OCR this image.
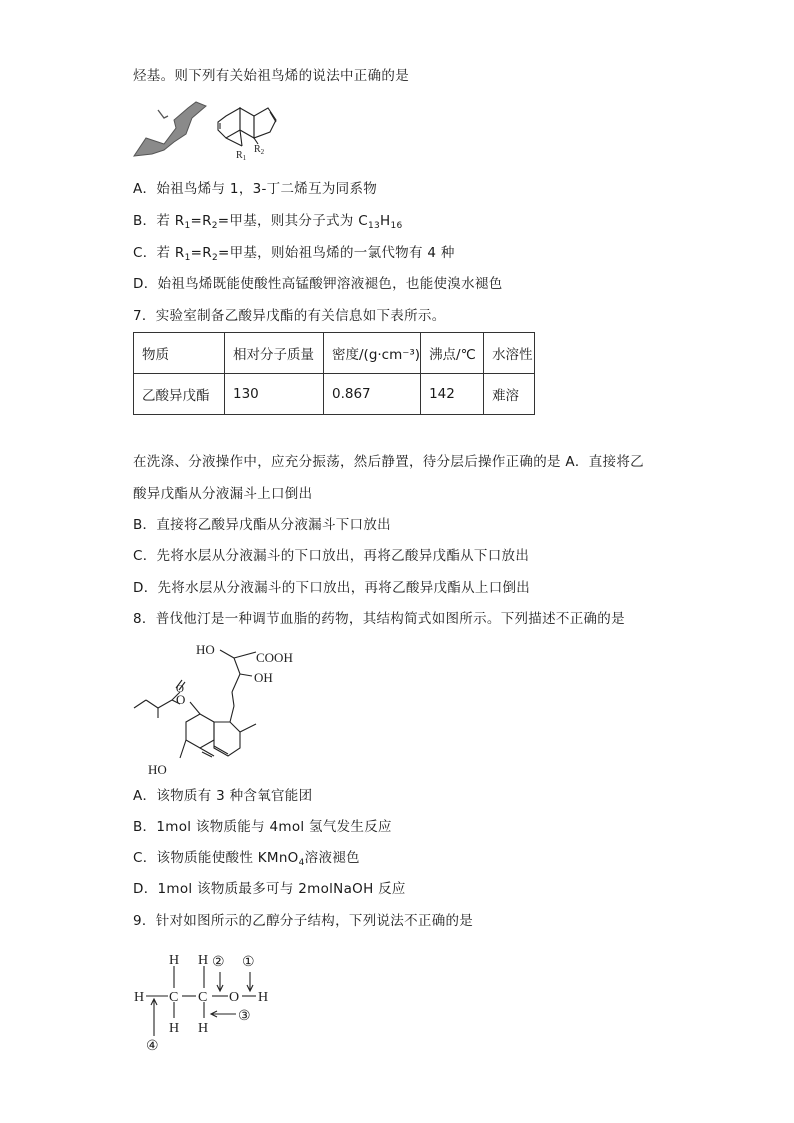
烃基。则下列有关始祖鸟烯的说法中正确的是
$R_1$
$R_2$
A．始祖鸟烯与 1，3-丁二烯互为同系物
B．若 $R_1=R_2=$甲基，则其分子式为 $C_{13}H_{16}$
C．若 $R_1=R_2=$甲基，则始祖鸟烯的一氯代物有 4 种
D．始祖鸟烯既能使酸性高锰酸钾溶液褪色，也能使溴水褪色
7．实验室制备乙酸异戊酯的有关信息如下表所示。
物质	相对分子质量	密度/(g·cm⁻³)	沸点/℃	水溶性
乙酸异戊酯	130	0.867	142	难溶
在洗涤、分液操作中，应充分振荡，然后静置，待分层后操作正确的是 A．直接将乙
酸异戊酯从分液漏斗上口倒出
B．直接将乙酸异戊酯从分液漏斗下口放出
C．先将水层从分液漏斗的下口放出，再将乙酸异戊酯从下口放出
D．先将水层从分液漏斗的下口放出，再将乙酸异戊酯从上口倒出
8．普伐他汀是一种调节血脂的药物，其结构简式如图所示。下列描述不正确的是
HO
COOH
OH
O
O
HO
A．该物质有 3 种含氧官能团
B．1mol 该物质能与 4mol 氢气发生反应
C．该物质能使酸性 KMnO$_4$溶液褪色
D．1mol 该物质最多可与 2molNaOH 反应
9．针对如图所示的乙醇分子结构，下列说法不正确的是
H C C O H
H H
H H
② ①
③
④
